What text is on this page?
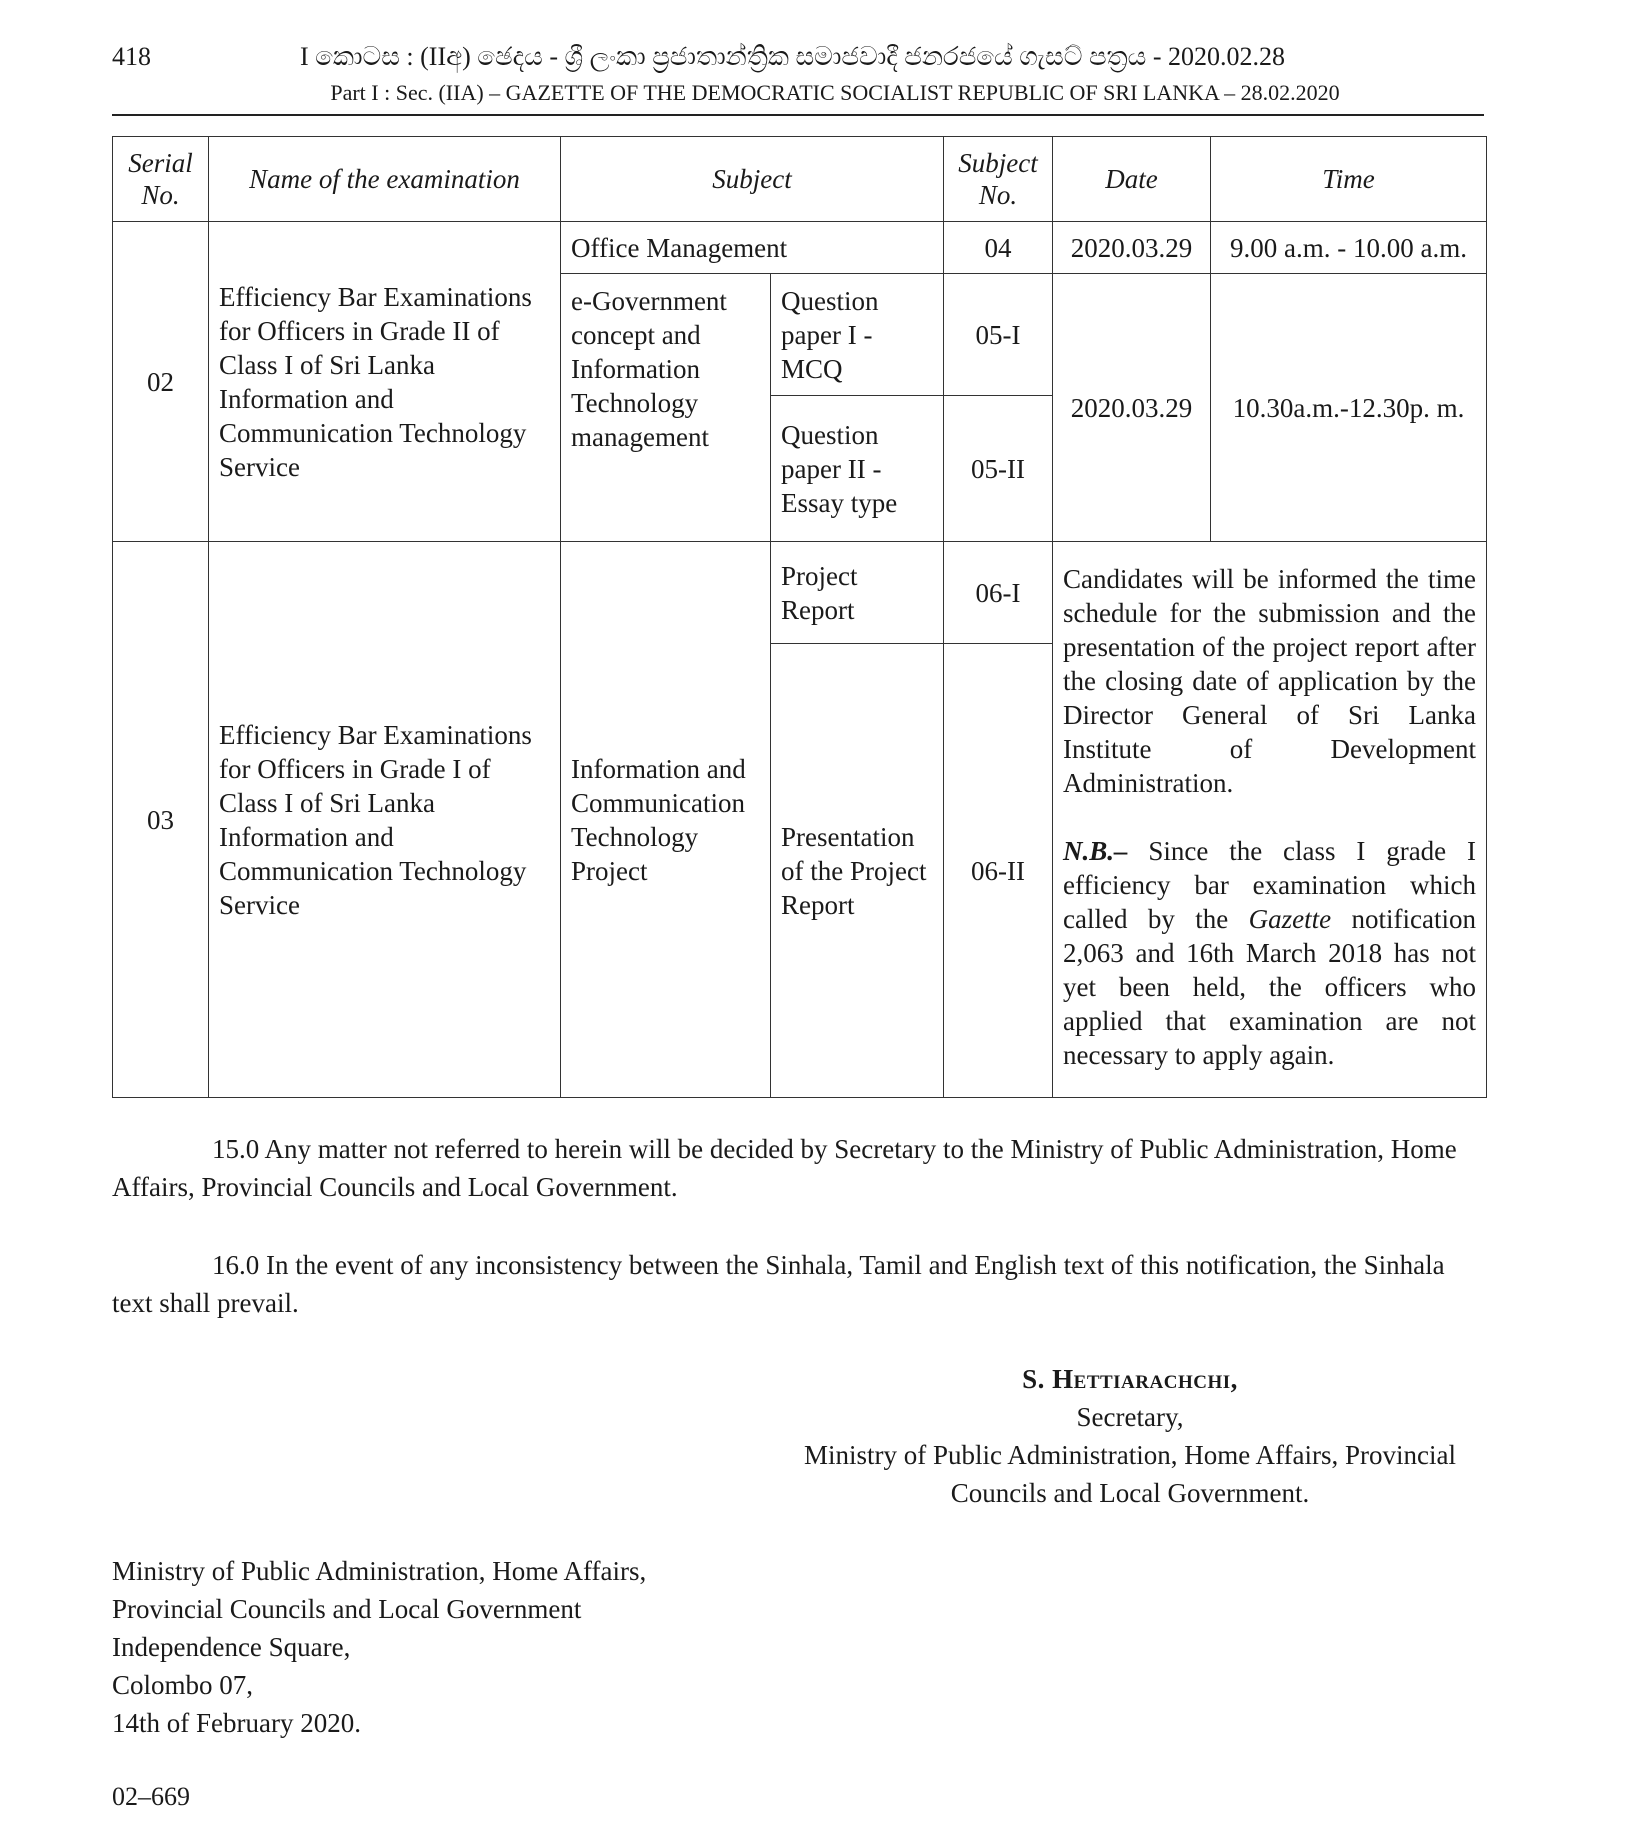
418	I කොටස : (IIඅ) ඡෙදය - ශ්‍රී ලංකා ප්‍රජාතාන්ත්‍රික සමාජවාදී ජනරජයේ ගැසට් පත්‍රය - 2020.02.28
Part I : Sec. (IIA) – GAZETTE OF THE DEMOCRATIC SOCIALIST REPUBLIC OF SRI LANKA – 28.02.2020
Serial No.	Name of the examination	Subject		Subject No.	Date	Time
02	Efficiency Bar Examinations for Officers in Grade II of Class I of Sri Lanka Information and Communication Technology Service	Office Management		04	2020.03.29	9.00 a.m. - 10.00 a.m.
		e-Government concept and Information Technology management	Question paper I - MCQ	05-I	2020.03.29	10.30a.m.-12.30p. m.
			Question paper II - Essay type	05-II		
03	Efficiency Bar Examinations for Officers in Grade I of Class I of Sri Lanka Information and Communication Technology Service	Information and Communication Technology Project	Project Report	06-I	Candidates will be informed the time schedule for the submission and the presentation of the project report after the closing date of application by the Director General of Sri Lanka Institute of Development Administration.
N.B.– Since the class I grade I efficiency bar examination which called by the Gazette notification 2,063 and 16th March 2018 has not yet been held, the officers who applied that examination are not necessary to apply again.	
			Presentation of the Project Report	06-II		
15.0 Any matter not referred to herein will be decided by Secretary to the Ministry of Public Administration, Home Affairs, Provincial Councils and Local Government.
16.0 In the event of any inconsistency between the Sinhala, Tamil and English text of this notification, the Sinhala text shall prevail.
S. Hettiarachchi,
Secretary,
Ministry of Public Administration, Home Affairs, Provincial
Councils and Local Government.
Ministry of Public Administration, Home Affairs,
Provincial Councils and Local Government
Independence Square,
Colombo 07,
14th of February 2020.
02–669
